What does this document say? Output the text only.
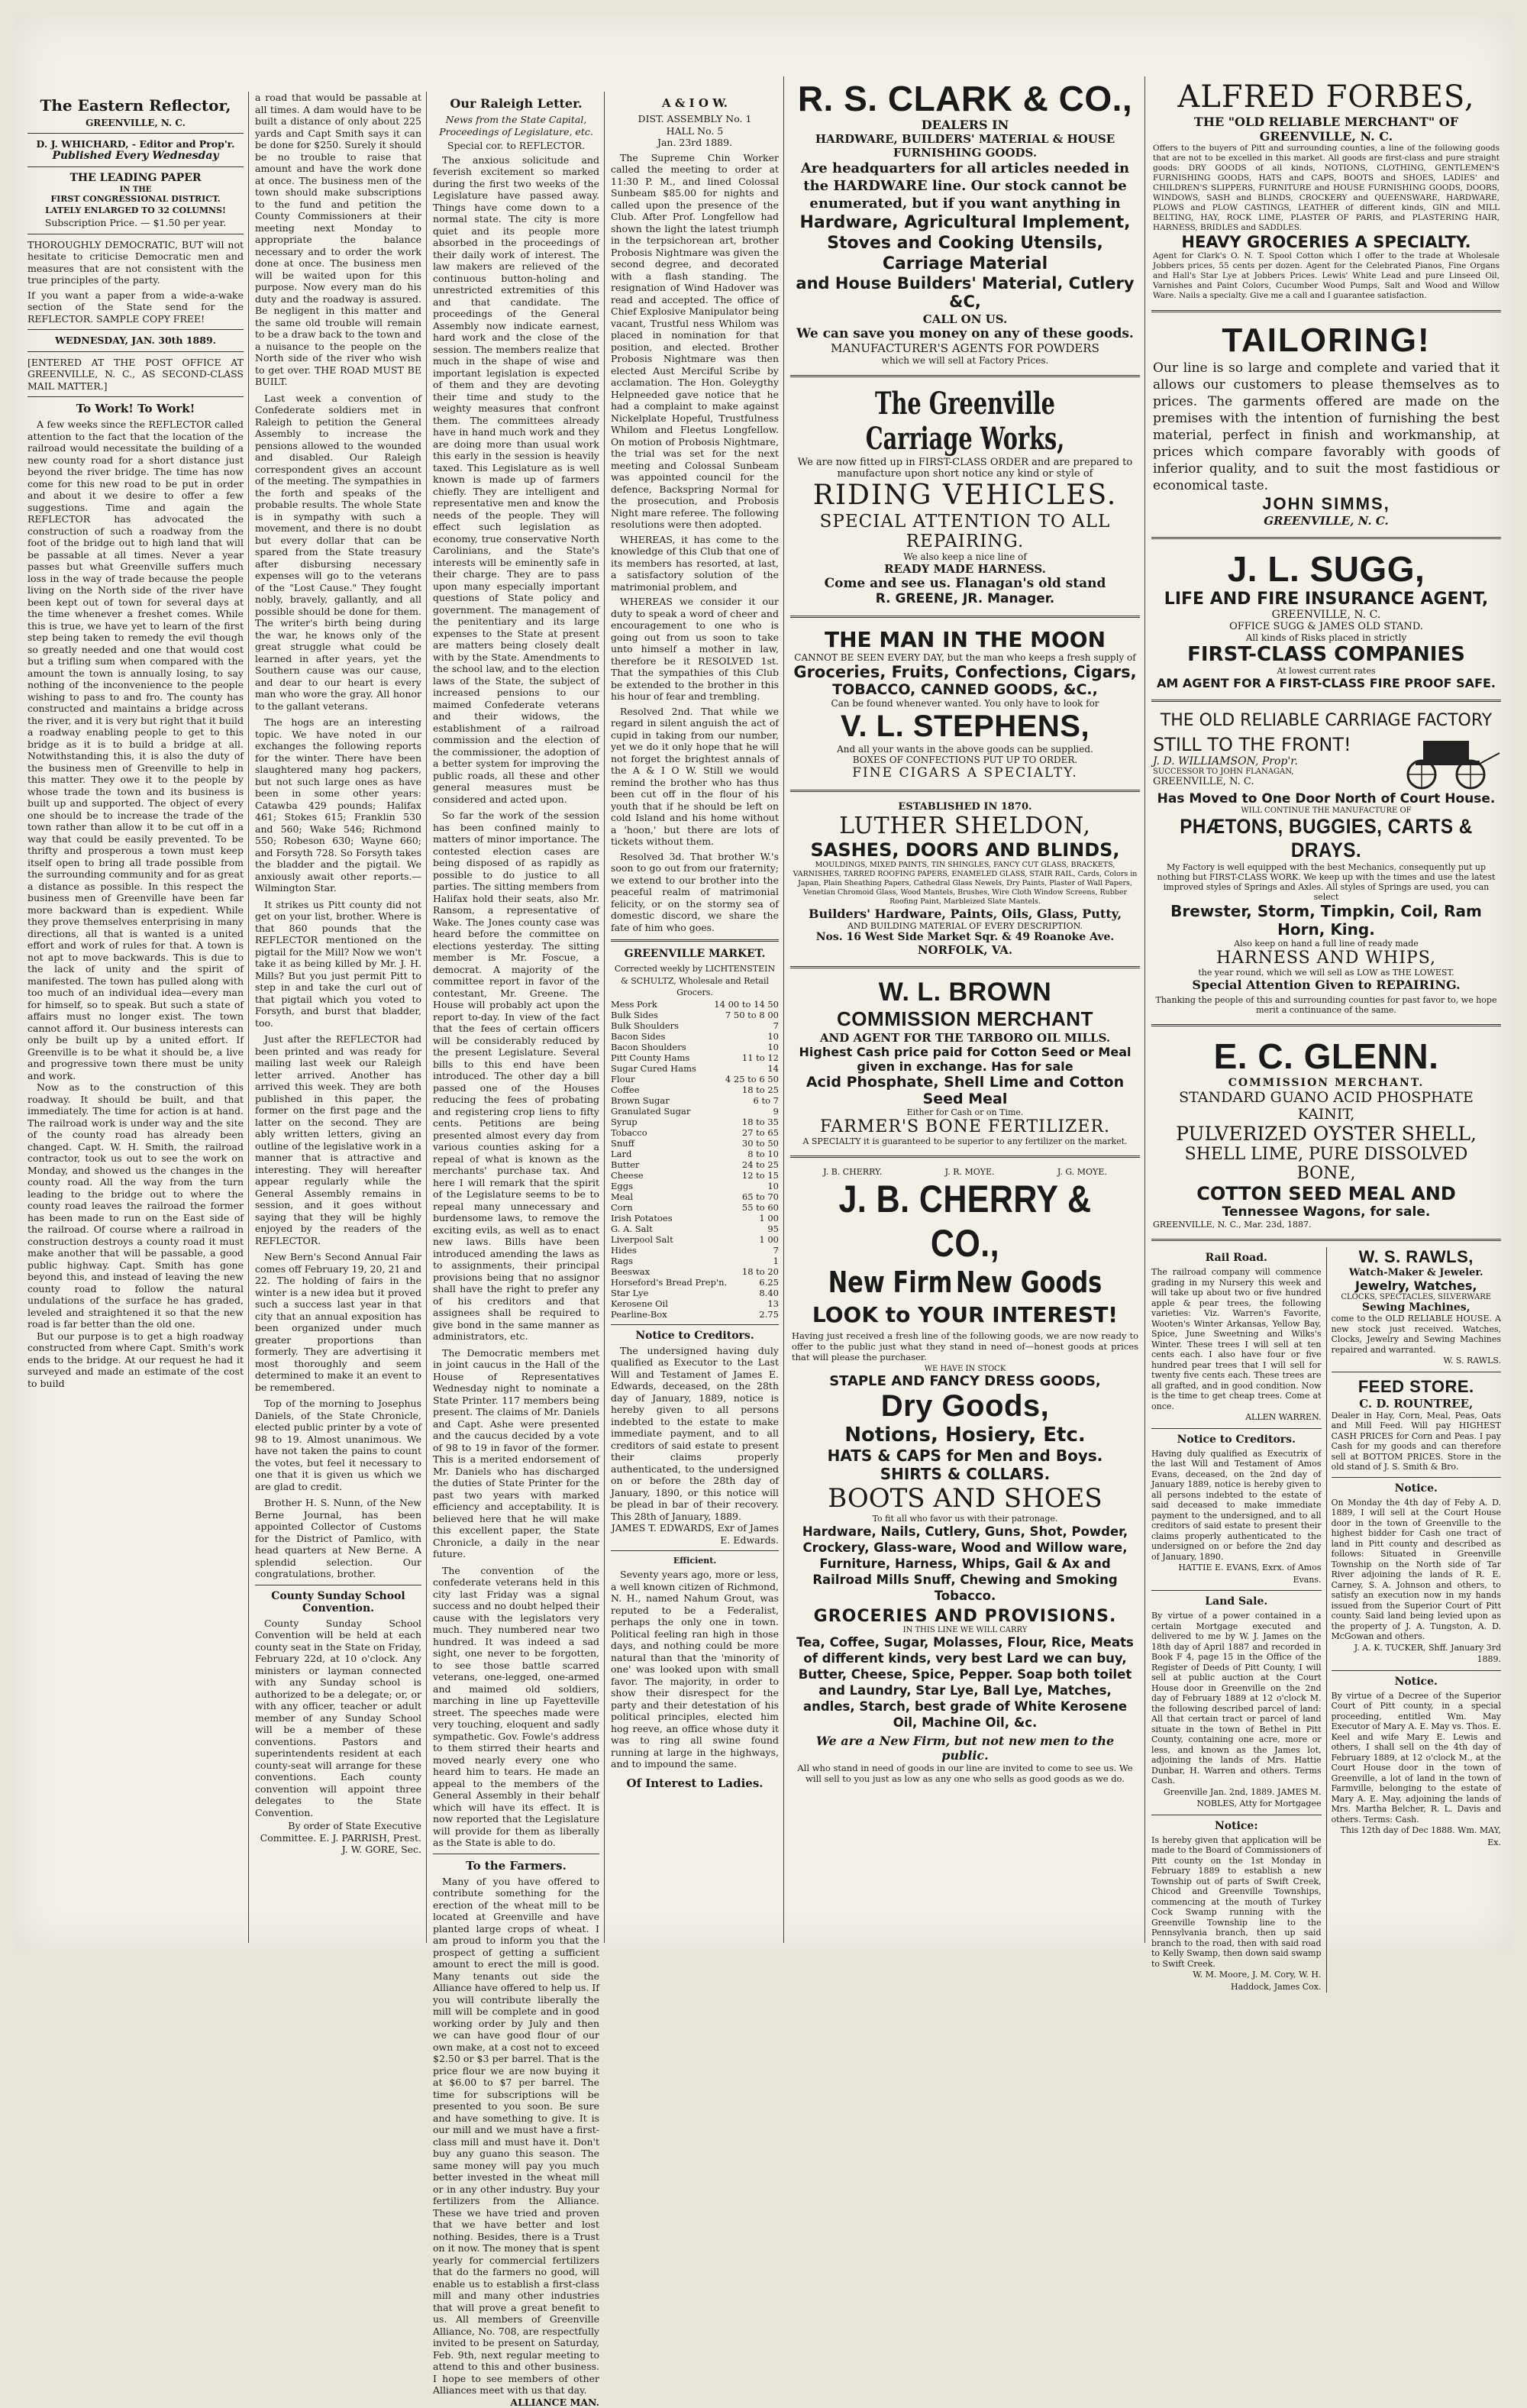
The Eastern Reflector,
GREENVILLE, N. C.
D. J. WHICHARD, - Editor and Prop'r.
Published Every Wednesday
THE LEADING PAPER
IN THE
FIRST CONGRESSIONAL DISTRICT.
LATELY ENLARGED TO 32 COLUMNS!
Subscription Price. — $1.50 per year.
THOROUGHLY DEMOCRATIC, BUT will not hesitate to criticise Democratic men and measures that are not consistent with the true principles of the party.
If you want a paper from a wide-a-wake section of the State send for the REFLECTOR. SAMPLE COPY FREE!
WEDNESDAY, JAN. 30th 1889.
[ENTERED AT THE POST OFFICE AT GREENVILLE, N. C., AS SECOND-CLASS MAIL MATTER.]
To Work! To Work!
A few weeks since the REFLECTOR called attention to the fact that the location of the railroad would necessitate the building of a new county road for a short distance just beyond the river bridge. The time has now come for this new road to be put in order and about it we desire to offer a few suggestions. Time and again the REFLECTOR has advocated the construction of such a roadway from the foot of the bridge out to high land that will be passable at all times. Never a year passes but what Greenville suffers much loss in the way of trade because the people living on the North side of the river have been kept out of town for several days at the time whenever a freshet comes. While this is true, we have yet to learn of the first step being taken to remedy the evil though so greatly needed and one that would cost but a trifling sum when compared with the amount the town is annually losing, to say nothing of the inconvenience to the people wishing to pass to and fro. The county has constructed and maintains a bridge across the river, and it is very but right that it build a roadway enabling people to get to this bridge as it is to build a bridge at all. Notwithstanding this, it is also the duty of the business men of Greenville to help in this matter. They owe it to the people by whose trade the town and its business is built up and supported. The object of every one should be to increase the trade of the town rather than allow it to be cut off in a way that could be easily prevented. To be thrifty and prosperous a town must keep itself open to bring all trade possible from the surrounding community and for as great a distance as possible. In this respect the business men of Greenville have been far more backward than is expedient. While they prove themselves enterprising in many directions, all that is wanted is a united effort and work of rules for that. A town is not apt to move backwards. This is due to the lack of unity and the spirit of manifested. The town has pulled along with too much of an individual idea—every man for himself, so to speak. But such a state of affairs must no longer exist. The town cannot afford it. Our business interests can only be built up by a united effort. If Greenville is to be what it should be, a live and progressive town there must be unity and work.
Now as to the construction of this roadway. It should be built, and that immediately. The time for action is at hand. The railroad work is under way and the site of the county road has already been changed. Capt. W. H. Smith, the railroad contractor, took us out to see the work on Monday, and showed us the changes in the county road. All the way from the turn leading to the bridge out to where the county road leaves the railroad the former has been made to run on the East side of the railroad. Of course where a railroad in construction destroys a county road it must make another that will be passable, a good public highway. Capt. Smith has gone beyond this, and instead of leaving the new county road to follow the natural undulations of the surface he has graded, leveled and straightened it so that the new road is far better than the old one.
But our purpose is to get a high roadway constructed from where Capt. Smith's work ends to the bridge. At our request he had it surveyed and made an estimate of the cost to build
a road that would be passable at all times. A dam would have to be built a distance of only about 225 yards and Capt Smith says it can be done for $250. Surely it should be no trouble to raise that amount and have the work done at once. The business men of the town should make subscriptions to the fund and petition the County Commissioners at their meeting next Monday to appropriate the balance necessary and to order the work done at once. The business men will be waited upon for this purpose. Now every man do his duty and the roadway is assured. Be negligent in this matter and the same old trouble will remain to be a draw back to the town and a nuisance to the people on the North side of the river who wish to get over. THE ROAD MUST BE BUILT.
Last week a convention of Confederate soldiers met in Raleigh to petition the General Assembly to increase the pensions allowed to the wounded and disabled. Our Raleigh correspondent gives an account of the meeting. The sympathies in the forth and speaks of the probable results. The whole State is in sympathy with such a movement, and there is no doubt but every dollar that can be spared from the State treasury after disbursing necessary expenses will go to the veterans of the "Lost Cause." They fought nobly, bravely, gallantly, and all possible should be done for them. The writer's birth being during the war, he knows only of the great struggle what could be learned in after years, yet the Southern cause was our cause, and dear to our heart is every man who wore the gray. All honor to the gallant veterans.
The hogs are an interesting topic. We have noted in our exchanges the following reports for the winter. There have been slaughtered many hog packers, but not such large ones as have been in some other years: Catawba 429 pounds; Halifax 461; Stokes 615; Franklin 530 and 560; Wake 546; Richmond 550; Robeson 630; Wayne 660; and Forsyth 728. So Forsyth takes the bladder and the pigtail. We anxiously await other reports.—Wilmington Star.
It strikes us Pitt county did not get on your list, brother. Where is that 860 pounds that the REFLECTOR mentioned on the pigtail for the Mill? Now we won't take it as being killed by Mr. J. H. Mills? But you just permit Pitt to step in and take the curl out of that pigtail which you voted to Forsyth, and burst that bladder, too.
Just after the REFLECTOR had been printed and was ready for mailing last week our Raleigh letter arrived. Another has arrived this week. They are both published in this paper, the former on the first page and the latter on the second. They are ably written letters, giving an outline of the legislative work in a manner that is attractive and interesting. They will hereafter appear regularly while the General Assembly remains in session, and it goes without saying that they will be highly enjoyed by the readers of the REFLECTOR.
New Bern's Second Annual Fair comes off February 19, 20, 21 and 22. The holding of fairs in the winter is a new idea but it proved such a success last year in that city that an annual exposition has been organized under much greater proportions than formerly. They are advertising it most thoroughly and seem determined to make it an event to be remembered.
Top of the morning to Josephus Daniels, of the State Chronicle, elected public printer by a vote of 98 to 19. Almost unanimous. We have not taken the pains to count the votes, but feel it necessary to one that it is given us which we are glad to credit.
Brother H. S. Nunn, of the New Berne Journal, has been appointed Collector of Customs for the District of Pamlico, with head quarters at New Berne. A splendid selection. Our congratulations, brother.
County Sunday School Convention.
County Sunday School Convention will be held at each county seat in the State on Friday, February 22d, at 10 o'clock. Any ministers or layman connected with any Sunday school is authorized to be a delegate; or, or with any officer, teacher or adult member of any Sunday School will be a member of these conventions. Pastors and superintendents resident at each county-seat will arrange for these conventions. Each county convention will appoint three delegates to the State Convention.
By order of State Executive Committee. E. J. PARRISH, Prest. J. W. GORE, Sec.
Our Raleigh Letter.
News from the State Capital, Proceedings of Legislature, etc.
Special cor. to REFLECTOR.
The anxious solicitude and feverish excitement so marked during the first two weeks of the Legislature have passed away. Things have come down to a normal state. The city is more quiet and its people more absorbed in the proceedings of their daily work of interest. The law makers are relieved of the continuous button-holing and unrestricted extremities of this and that candidate. The proceedings of the General Assembly now indicate earnest, hard work and the close of the session. The members realize that much in the shape of wise and important legislation is expected of them and they are devoting their time and study to the weighty measures that confront them. The committees already have in hand much work and they are doing more than usual work this early in the session is heavily taxed. This Legislature as is well known is made up of farmers chiefly. They are intelligent and representative men and know the needs of the people. They will effect such legislation as economy, true conservative North Carolinians, and the State's interests will be eminently safe in their charge. They are to pass upon many especially important questions of State policy and government. The management of the penitentiary and its large expenses to the State at present are matters being closely dealt with by the State. Amendments to the school law, and to the election laws of the State, the subject of increased pensions to our maimed Confederate veterans and their widows, the establishment of a railroad commission and the election of the commissioner, the adoption of a better system for improving the public roads, all these and other general measures must be considered and acted upon.
So far the work of the session has been confined mainly to matters of minor importance. The contested election cases are being disposed of as rapidly as possible to do justice to all parties. The sitting members from Halifax hold their seats, also Mr. Ransom, a representative of Wake. The Jones county case was heard before the committee on elections yesterday. The sitting member is Mr. Foscue, a democrat. A majority of the committee report in favor of the contestant, Mr. Greene. The House will probably act upon the report to-day. In view of the fact that the fees of certain officers will be considerably reduced by the present Legislature. Several bills to this end have been introduced. The other day a bill passed one of the Houses reducing the fees of probating and registering crop liens to fifty cents. Petitions are being presented almost every day from various counties asking for a repeal of what is known as the merchants' purchase tax. And here I will remark that the spirit of the Legislature seems to be to repeal many unnecessary and burdensome laws, to remove the exciting evils, as well as to enact new laws. Bills have been introduced amending the laws as to assignments, their principal provisions being that no assignor shall have the right to prefer any of his creditors and that assignees shall be required to give bond in the same manner as administrators, etc.
The Democratic members met in joint caucus in the Hall of the House of Representatives Wednesday night to nominate a State Printer. 117 members being present. The claims of Mr. Daniels and Capt. Ashe were presented and the caucus decided by a vote of 98 to 19 in favor of the former. This is a merited endorsement of Mr. Daniels who has discharged the duties of State Printer for the past two years with marked efficiency and acceptability. It is believed here that he will make this excellent paper, the State Chronicle, a daily in the near future.
The convention of the confederate veterans held in this city last Friday was a signal success and no doubt helped their cause with the legislators very much. They numbered near two hundred. It was indeed a sad sight, one never to be forgotten, to see those battle scarred veterans, one-legged, one-armed and maimed old soldiers, marching in line up Fayetteville street. The speeches made were very touching, eloquent and sadly sympathetic. Gov. Fowle's address to them stirred their hearts and moved nearly every one who heard him to tears. He made an appeal to the members of the General Assembly in their behalf which will have its effect. It is now reported that the Legislature will provide for them as liberally as the State is able to do.
To the Farmers.
Many of you have offered to contribute something for the erection of the wheat mill to be located at Greenville and have planted large crops of wheat. I am proud to inform you that the prospect of getting a sufficient amount to erect the mill is good. Many tenants out side the Alliance have offered to help us. If you will contribute liberally the mill will be complete and in good working order by July and then we can have good flour of our own make, at a cost not to exceed $2.50 or $3 per barrel. That is the price flour we are now buying it at $6.00 to $7 per barrel. The time for subscriptions will be presented to you soon. Be sure and have something to give. It is our mill and we must have a first-class mill and must have it. Don't buy any guano this season. The same money will pay you much better invested in the wheat mill or in any other industry. Buy your fertilizers from the Alliance. These we have tried and proven that we have better and lost nothing. Besides, there is a Trust on it now. The money that is spent yearly for commercial fertilizers that do the farmers no good, will enable us to establish a first-class mill and many other industries that will prove a great benefit to us. All members of Greenville Alliance, No. 708, are respectfully invited to be present on Saturday, Feb. 9th, next regular meeting to attend to this and other business. I hope to see members of other Alliances meet with us that day.
ALLIANCE MAN.
A & I O W.
DIST. ASSEMBLY No. 1
HALL No. 5
Jan. 23rd 1889.
The Supreme Chin Worker called the meeting to order at 11:30 P. M., and lined Colossal Sunbeam $85.00 for nights and called upon the presence of the Club. After Prof. Longfellow had shown the light the latest triumph in the terpsichorean art, brother Probosis Nightmare was given the second degree, and decorated with a flash standing. The resignation of Wind Hadover was read and accepted. The office of Chief Explosive Manipulator being vacant, Trustful ness Whilom was placed in nomination for that position, and elected. Brother Probosis Nightmare was then elected Aust Merciful Scribe by acclamation. The Hon. Goleygthy Helpneeded gave notice that he had a complaint to make against Nickelplate Hopeful, Trustfulness Whilom and Fleetus Longfellow. On motion of Probosis Nightmare, the trial was set for the next meeting and Colossal Sunbeam was appointed council for the defence, Backspring Normal for the prosecution, and Probosis Night mare referee. The following resolutions were then adopted.
WHEREAS, it has come to the knowledge of this Club that one of its members has resorted, at last, a satisfactory solution of the matrimonial problem, and
WHEREAS we consider it our duty to speak a word of cheer and encouragement to one who is going out from us soon to take unto himself a mother in law, therefore be it RESOLVED 1st. That the sympathies of this Club be extended to the brother in this his hour of fear and trembling.
Resolved 2nd. That while we regard in silent anguish the act of cupid in taking from our number, yet we do it only hope that he will not forget the brightest annals of the A & I O W. Still we would remind the brother who has thus been cut off in the flour of his youth that if he should be left on cold Island and his home without a 'hoon,' but there are lots of tickets without them.
Resolved 3d. That brother W.'s soon to go out from our fraternity; we extend to our brother into the peaceful realm of matrimonial felicity, or on the stormy sea of domestic discord, we share the fate of him who goes.
GREENVILLE MARKET.
Corrected weekly by LICHTENSTEIN & SCHULTZ, Wholesale and Retail Grocers.
Mess Pork	14 00 to 14 50
Bulk Sides	7 50 to 8 00
Bulk Shoulders	7
Bacon Sides	10
Bacon Shoulders	10
Pitt County Hams	11 to 12
Sugar Cured Hams	14
Flour	4 25 to 6 50
Coffee	18 to 25
Brown Sugar	6 to 7
Granulated Sugar	9
Syrup	18 to 35
Tobacco	27 to 65
Snuff	30 to 50
Lard	8 to 10
Butter	24 to 25
Cheese	12 to 15
Eggs	10
Meal	65 to 70
Corn	55 to 60
Irish Potatoes	1 00
G. A. Salt	95
Liverpool Salt	1 00
Hides	7
Rags	1
Beeswax	18 to 20
Horseford's Bread Prep'n.	6.25
Star Lye	8.40
Kerosene Oil	13
Pearline-Box	2.75
Notice to Creditors.
The undersigned having duly qualified as Executor to the Last Will and Testament of James E. Edwards, deceased, on the 28th day of January, 1889, notice is hereby given to all persons indebted to the estate to make immediate payment, and to all creditors of said estate to present their claims properly authenticated, to the undersigned on or before the 28th day of January, 1890, or this notice will be plead in bar of their recovery. This 28th of January, 1889.
JAMES T. EDWARDS, Exr of James E. Edwards.
Efficient.
Seventy years ago, more or less, a well known citizen of Richmond, N. H., named Nahum Grout, was reputed to be a Federalist, perhaps the only one in town. Political feeling ran high in those days, and nothing could be more natural than that the 'minority of one' was looked upon with small favor. The majority, in order to show their disrespect for the party and their detestation of his political principles, elected him hog reeve, an office whose duty it was to ring all swine found running at large in the highways, and to impound the same.
Of Interest to Ladies.
R. S. CLARK & CO.,
DEALERS IN
HARDWARE, BUILDERS' MATERIAL & HOUSE FURNISHING GOODS.
Are headquarters for all articles needed in the HARDWARE line. Our stock cannot be enumerated, but if you want anything in
Hardware, Agricultural Implement, Stoves and Cooking Utensils, Carriage Material
and House Builders' Material, Cutlery &C,
CALL ON US.
We can save you money on any of these goods.
MANUFACTURER'S AGENTS FOR POWDERS
which we will sell at Factory Prices.
The Greenville Carriage Works,
We are now fitted up in FIRST-CLASS ORDER and are prepared to manufacture upon short notice any kind or style of
RIDING VEHICLES.
SPECIAL ATTENTION TO ALL REPAIRING.
We also keep a nice line of
READY MADE HARNESS.
Come and see us. Flanagan's old stand
R. GREENE, JR. Manager.
THE MAN IN THE MOON
CANNOT BE SEEN EVERY DAY, but the man who keeps a fresh supply of
Groceries, Fruits, Confections, Cigars,
TOBACCO, CANNED GOODS, &C.,
Can be found whenever wanted. You only have to look for
V. L. STEPHENS,
And all your wants in the above goods can be supplied.
BOXES OF CONFECTIONS PUT UP TO ORDER.
FINE CIGARS A SPECIALTY.
ESTABLISHED IN 1870.
LUTHER SHELDON,
SASHES, DOORS AND BLINDS,
MOULDINGS, MIXED PAINTS, TIN SHINGLES, FANCY CUT GLASS, BRACKETS, VARNISHES, TARRED ROOFING PAPERS, ENAMELED GLASS, STAIR RAIL, Cards, Colors in Japan, Plain Sheathing Papers, Cathedral Glass Newels, Dry Paints, Plaster of Wall Papers, Venetian Chromoid Glass, Wood Mantels, Brushes, Wire Cloth Window Screens, Rubber Roofing Paint, Marbleized Slate Mantels.
Builders' Hardware, Paints, Oils, Glass, Putty,
AND BUILDING MATERIAL OF EVERY DESCRIPTION.
Nos. 16 West Side Market Sqr. & 49 Roanoke Ave.
NORFOLK, VA.
W. L. BROWN
COMMISSION MERCHANT
AND AGENT FOR THE TARBORO OIL MILLS.
Highest Cash price paid for Cotton Seed or Meal given in exchange. Has for sale
Acid Phosphate, Shell Lime and Cotton Seed Meal
Either for Cash or on Time.
FARMER'S BONE FERTILIZER.
A SPECIALTY it is guaranteed to be superior to any fertilizer on the market.
J. B. CHERRY.	J. R. MOYE.	J. G. MOYE.
J. B. CHERRY & CO.,
New Firm New Goods
LOOK to YOUR INTEREST!
Having just received a fresh line of the following goods, we are now ready to offer to the public just what they stand in need of—honest goods at prices that will please the purchaser.
WE HAVE IN STOCK
STAPLE AND FANCY DRESS GOODS,
Dry Goods,
Notions, Hosiery, Etc.
HATS & CAPS for Men and Boys.
SHIRTS & COLLARS.
BOOTS AND SHOES
To fit all who favor us with their patronage.
Hardware, Nails, Cutlery, Guns, Shot, Powder, Crockery, Glass-ware, Wood and Willow ware, Furniture, Harness, Whips, Gail & Ax and Railroad Mills Snuff, Chewing and Smoking Tobacco.
GROCERIES AND PROVISIONS.
IN THIS LINE WE WILL CARRY
Tea, Coffee, Sugar, Molasses, Flour, Rice, Meats of different kinds, very best Lard we can buy, Butter, Cheese, Spice, Pepper. Soap both toilet and Laundry, Star Lye, Ball Lye, Matches, andles, Starch, best grade of White Kerosene Oil, Machine Oil, &c.
We are a New Firm, but not new men to the public.
All who stand in need of goods in our line are invited to come to see us. We will sell to you just as low as any one who sells as good goods as we do.
ALFRED FORBES,
THE "OLD RELIABLE MERCHANT" OF GREENVILLE, N. C.
Offers to the buyers of Pitt and surrounding counties, a line of the following goods that are not to be excelled in this market. All goods are first-class and pure straight goods: DRY GOODS of all kinds, NOTIONS, CLOTHING, GENTLEMEN'S FURNISHING GOODS, HATS and CAPS, BOOTS and SHOES, LADIES' and CHILDREN'S SLIPPERS, FURNITURE and HOUSE FURNISHING GOODS, DOORS, WINDOWS, SASH and BLINDS, CROCKERY and QUEENSWARE, HARDWARE, PLOWS and PLOW CASTINGS, LEATHER of different kinds, GIN and MILL BELTING, HAY, ROCK LIME, PLASTER OF PARIS, and PLASTERING HAIR, HARNESS, BRIDLES and SADDLES.
HEAVY GROCERIES A SPECIALTY.
Agent for Clark's O. N. T. Spool Cotton which I offer to the trade at Wholesale Jobbers prices, 55 cents per dozen. Agent for the Celebrated Pianos, Fine Organs and Hall's Star Lye at Jobbers Prices. Lewis' White Lead and pure Linseed Oil, Varnishes and Paint Colors, Cucumber Wood Pumps, Salt and Wood and Willow Ware. Nails a specialty. Give me a call and I guarantee satisfaction.
TAILORING!
Our line is so large and complete and varied that it allows our customers to please themselves as to prices. The garments offered are made on the premises with the intention of furnishing the best material, perfect in finish and workmanship, at prices which compare favorably with goods of inferior quality, and to suit the most fastidious or economical taste.
JOHN SIMMS,
GREENVILLE, N. C.
J. L. SUGG,
LIFE AND FIRE INSURANCE AGENT,
GREENVILLE, N. C.
OFFICE SUGG & JAMES OLD STAND.
All kinds of Risks placed in strictly
FIRST-CLASS COMPANIES
At lowest current rates
AM AGENT FOR A FIRST-CLASS FIRE PROOF SAFE.
THE OLD RELIABLE CARRIAGE FACTORY
STILL TO THE FRONT!
J. D. WILLIAMSON, Prop'r.
SUCCESSOR TO JOHN FLANAGAN,
GREENVILLE, N. C.
Has Moved to One Door North of Court House.
WILL CONTINUE THE MANUFACTURE OF
PHÆTONS, BUGGIES, CARTS & DRAYS.
My Factory is well equipped with the best Mechanics, consequently put up nothing but FIRST-CLASS WORK. We keep up with the times and use the latest improved styles of Springs and Axles. All styles of Springs are used, you can select
Brewster, Storm, Timpkin, Coil, Ram Horn, King.
Also keep on hand a full line of ready made
HARNESS AND WHIPS,
the year round, which we will sell as LOW as THE LOWEST.
Special Attention Given to REPAIRING.
Thanking the people of this and surrounding counties for past favor to, we hope merit a continuance of the same.
E. C. GLENN.
COMMISSION MERCHANT.
STANDARD GUANO ACID PHOSPHATE KAINIT,
PULVERIZED OYSTER SHELL,
SHELL LIME, PURE DISSOLVED BONE,
COTTON SEED MEAL AND
Tennessee Wagons, for sale.
GREENVILLE, N. C., Mar. 23d, 1887.
Rail Road.
The railroad company will commence grading in my Nursery this week and will take up about two or five hundred apple & pear trees, the following varieties: Viz. Warren's Favorite, Wooten's Winter Arkansas, Yellow Bay, Spice, June Sweetning and Wilks's Winter. These trees I will sell at ten cents each. I also have four or five hundred pear trees that I will sell for twenty five cents each. These trees are all grafted, and in good condition. Now is the time to get cheap trees. Come at once.
ALLEN WARREN.
Notice to Creditors.
Having duly qualified as Executrix of the last Will and Testament of Amos Evans, deceased, on the 2nd day of January 1889, notice is hereby given to all persons indebted to the estate of said deceased to make immediate payment to the undersigned, and to all creditors of said estate to present their claims properly authenticated to the undersigned on or before the 2nd day of January, 1890.
HATTIE E. EVANS, Exrx. of Amos Evans.
Land Sale.
By virtue of a power contained in a certain Mortgage executed and delivered to me by W. J. James on the 18th day of April 1887 and recorded in Book F 4, page 15 in the Office of the Register of Deeds of Pitt County, I will sell at public auction at the Court House door in Greenville on the 2nd day of February 1889 at 12 o'clock M. the following described parcel of land: All that certain tract or parcel of land situate in the town of Bethel in Pitt County, containing one acre, more or less, and known as the James lot, adjoining the lands of Mrs. Hattie Dunbar, H. Warren and others. Terms Cash.
Greenville Jan. 2nd, 1889. JAMES M. NOBLES, Atty for Mortgagee
Notice:
Is hereby given that application will be made to the Board of Commissioners of Pitt county on the 1st Monday in February 1889 to establish a new Township out of parts of Swift Creek, Chicod and Greenville Townships, commencing at the mouth of Turkey Cock Swamp running with the Greenville Township line to the Pennsylvania branch, then up said branch to the road, then with said road to Kelly Swamp, then down said swamp to Swift Creek.
W. M. Moore, J. M. Cory, W. H. Haddock, James Cox.
W. S. RAWLS,
Watch-Maker & Jeweler.
Jewelry, Watches,
CLOCKS, SPECTACLES, SILVERWARE
Sewing Machines,
come to the OLD RELIABLE HOUSE. A new stock just received. Watches, Clocks, Jewelry and Sewing Machines repaired and warranted.
W. S. RAWLS.
FEED STORE.
C. D. ROUNTREE,
Dealer in Hay, Corn, Meal, Peas, Oats and Mill Feed. Will pay HIGHEST CASH PRICES for Corn and Peas. I pay Cash for my goods and can therefore sell at BOTTOM PRICES. Store in the old stand of J. S. Smith & Bro.
Notice.
On Monday the 4th day of Feby A. D. 1889, I will sell at the Court House door in the town of Greenville to the highest bidder for Cash one tract of land in Pitt county and described as follows: Situated in Greenville Township on the North side of Tar River adjoining the lands of R. E. Carney, S. A. Johnson and others, to satisfy an execution now in my hands issued from the Superior Court of Pitt county. Said land being levied upon as the property of J. A. Tungston, A. D. McGowan and others.
J. A. K. TUCKER, Shff. January 3rd 1889.
Notice.
By virtue of a Decree of the Superior Court of Pitt county, in a special proceeding, entitled Wm. May Executor of Mary A. E. May vs. Thos. E. Keel and wife Mary E. Lewis and others, I shall sell on the 4th day of February 1889, at 12 o'clock M., at the Court House door in the town of Greenville, a lot of land in the town of Farmville, belonging to the estate of Mary A. E. May, adjoining the lands of Mrs. Martha Belcher, R. L. Davis and others. Terms: Cash.
This 12th day of Dec 1888. Wm. MAY, Ex.
